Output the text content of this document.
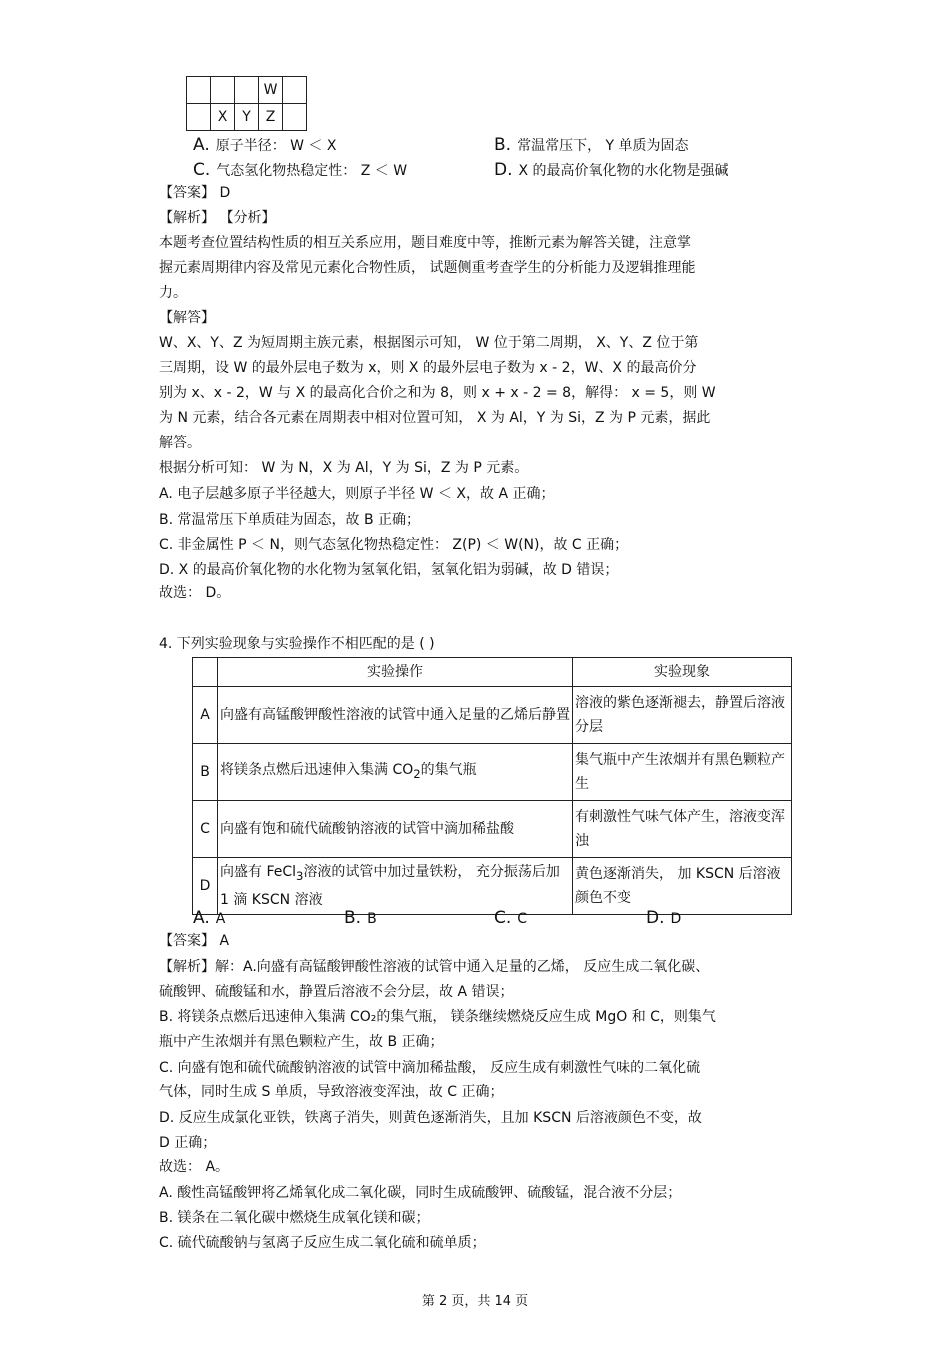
			W	
	X	Y	Z	
A. 原子半径： W ＜ X	B. 常温常压下， Y 单质为固态
C. 气态氢化物热稳定性： Z ＜ W	D. X 的最高价氧化物的水化物是强碱
【答案】 D
【解析】 【分析】
本题考查位置结构性质的相互关系应用，题目难度中等，推断元素为解答关键，注意掌
握元素周期律内容及常见元素化合物性质， 试题侧重考查学生的分析能力及逻辑推理能
力。
【解答】
W、X、Y、Z 为短周期主族元素，根据图示可知， W 位于第二周期， X、Y、Z 位于第
三周期，设 W 的最外层电子数为 x，则 X 的最外层电子数为 x - 2，W、X 的最高价分
别为 x、x - 2，W 与 X 的最高化合价之和为 8，则 x + x - 2 = 8，解得： x = 5，则 W
为 N 元素，结合各元素在周期表中相对位置可知， X 为 Al，Y 为 Si，Z 为 P 元素，据此
解答。
根据分析可知： W 为 N，X 为 Al，Y 为 Si，Z 为 P 元素。
A. 电子层越多原子半径越大，则原子半径 W ＜ X，故 A 正确；
B. 常温常压下单质硅为固态，故 B 正确；
C. 非金属性 P ＜ N，则气态氢化物热稳定性： Z(P) ＜ W(N)，故 C 正确；
D. X 的最高价氧化物的水化物为氢氧化铝，氢氧化铝为弱碱，故 D 错误；
故选： D。
4. 下列实验现象与实验操作不相匹配的是 ( )
	实验操作	实验现象
A	向盛有高锰酸钾酸性溶液的试管中通入足量的乙烯后静置	溶液的紫色逐渐褪去，静置后溶液分层
B	将镁条点燃后迅速伸入集满 $CO_2$的集气瓶	集气瓶中产生浓烟并有黑色颗粒产生
C	向盛有饱和硫代硫酸钠溶液的试管中滴加稀盐酸	有刺激性气味气体产生，溶液变浑浊
D	向盛有 FeCl$_3$溶液的试管中加过量铁粉， 充分振荡后加 1 滴 KSCN 溶液	黄色逐渐消失， 加 KSCN 后溶液颜色不变
A. A	B. B	C. C	D. D
【答案】 A
【解析】解：A.向盛有高锰酸钾酸性溶液的试管中通入足量的乙烯， 反应生成二氧化碳、
硫酸钾、硫酸锰和水，静置后溶液不会分层，故 A 错误；
B. 将镁条点燃后迅速伸入集满 CO₂的集气瓶， 镁条继续燃烧反应生成 MgO 和 C，则集气
瓶中产生浓烟并有黑色颗粒产生，故 B 正确；
C. 向盛有饱和硫代硫酸钠溶液的试管中滴加稀盐酸， 反应生成有刺激性气味的二氧化硫
气体，同时生成 S 单质，导致溶液变浑浊，故 C 正确；
D. 反应生成氯化亚铁，铁离子消失，则黄色逐渐消失，且加 KSCN 后溶液颜色不变，故
D 正确；
故选： A。
A. 酸性高锰酸钾将乙烯氧化成二氧化碳，同时生成硫酸钾、硫酸锰，混合液不分层；
B. 镁条在二氧化碳中燃烧生成氧化镁和碳；
C. 硫代硫酸钠与氢离子反应生成二氧化硫和硫单质；
第 2 页，共 14 页
